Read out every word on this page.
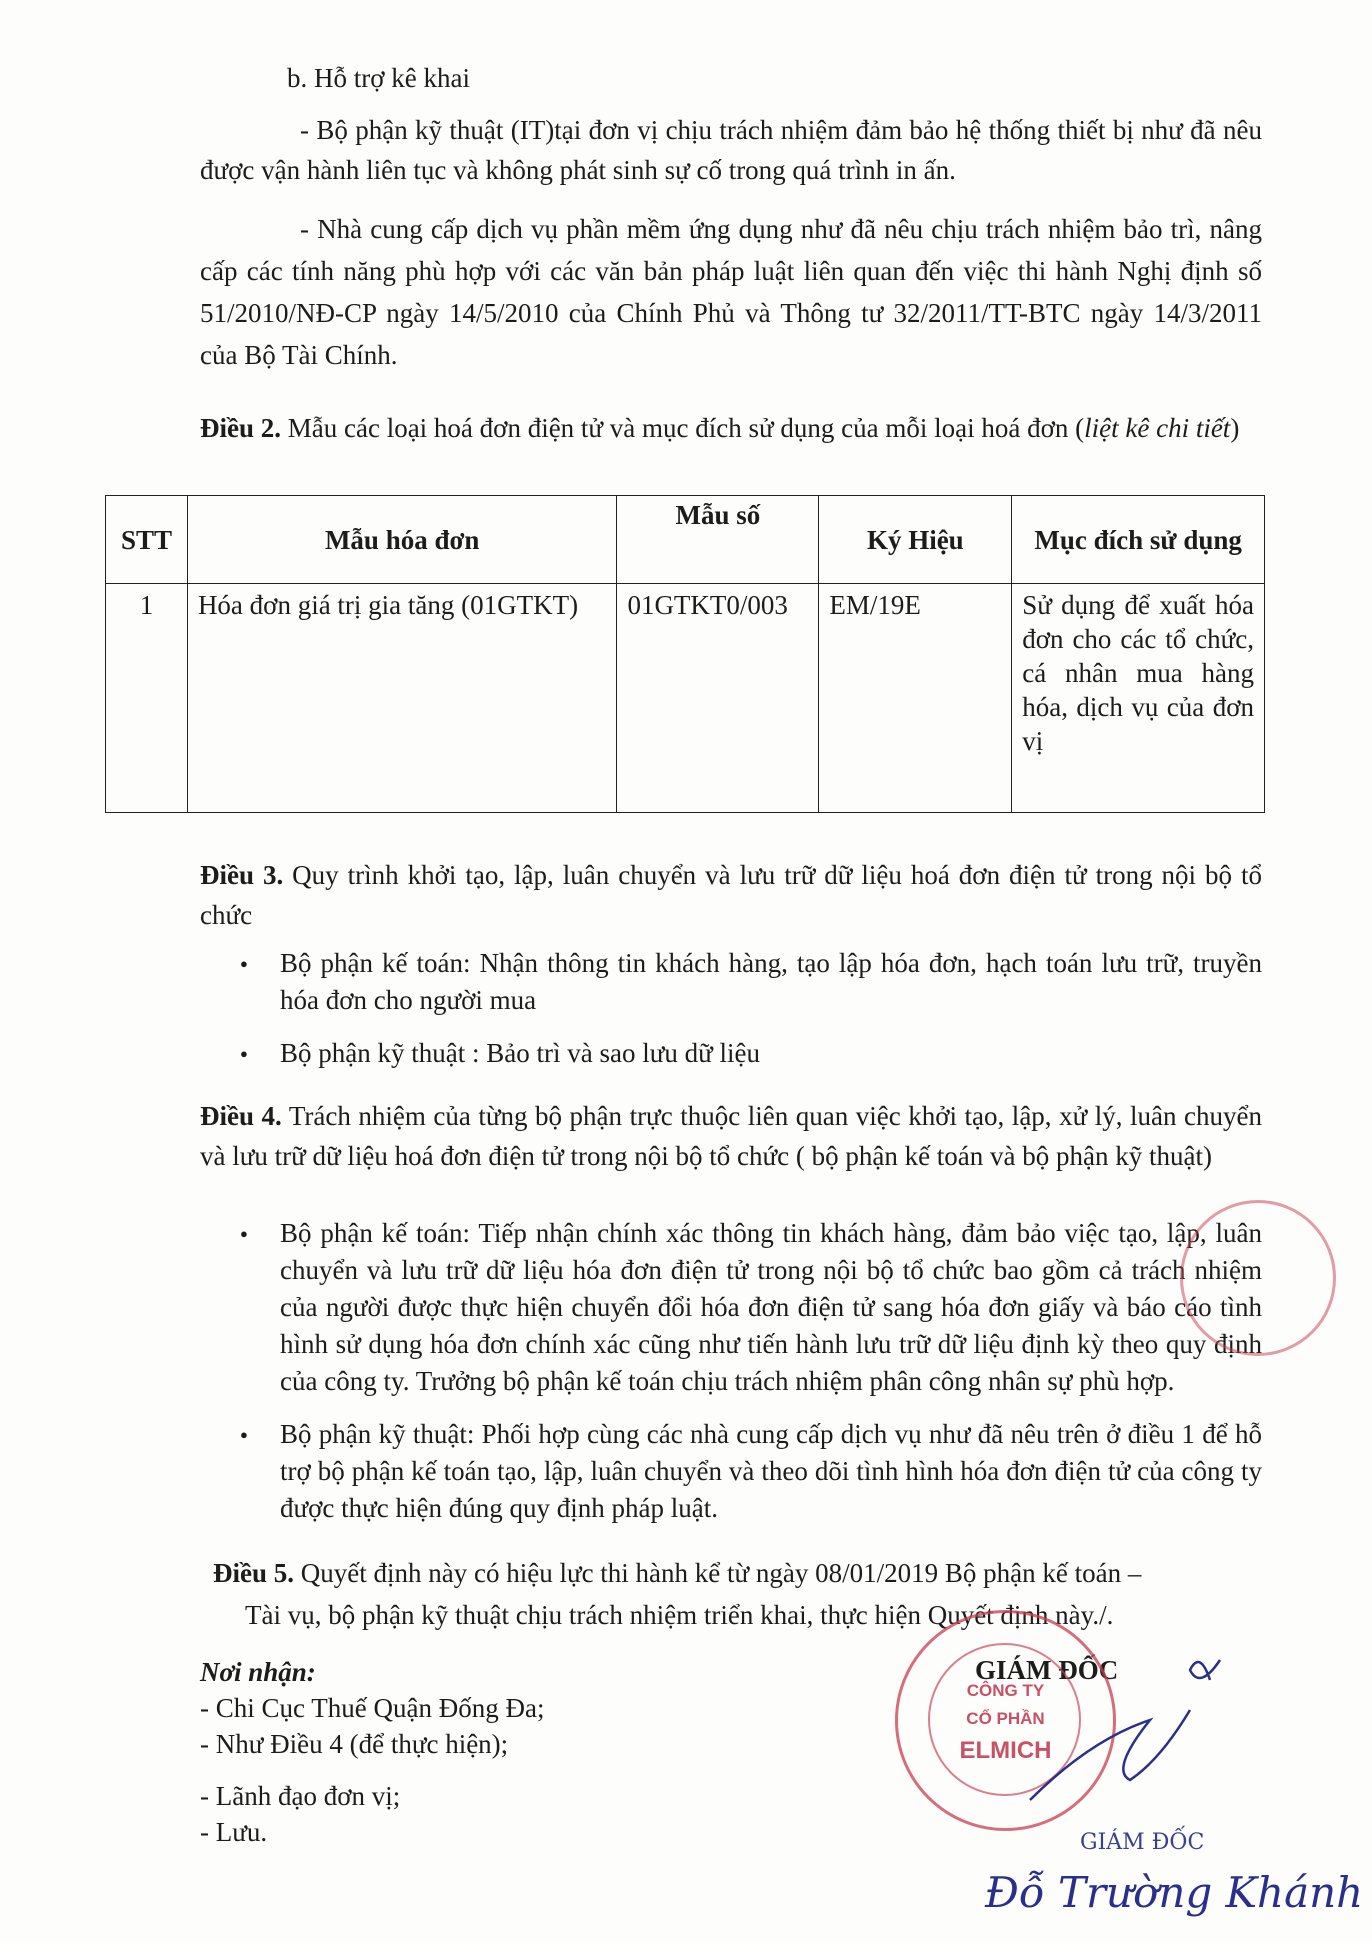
b. Hỗ trợ kê khai
- Bộ phận kỹ thuật (IT)tại đơn vị chịu trách nhiệm đảm bảo hệ thống thiết bị như đã nêu được vận hành liên tục và không phát sinh sự cố trong quá trình in ấn.
- Nhà cung cấp dịch vụ phần mềm ứng dụng như đã nêu chịu trách nhiệm bảo trì, nâng cấp các tính năng phù hợp với các văn bản pháp luật liên quan đến việc thi hành Nghị định số 51/2010/NĐ-CP ngày 14/5/2010 của Chính Phủ và Thông tư 32/2011/TT-BTC ngày 14/3/2011 của Bộ Tài Chính.
Điều 2. Mẫu các loại hoá đơn điện tử và mục đích sử dụng của mỗi loại hoá đơn (liệt kê chi tiết)
STT	Mẫu hóa đơn	Mẫu số	Ký Hiệu	Mục đích sử dụng
1	Hóa đơn giá trị gia tăng (01GTKT)	01GTKT0/003	EM/19E	Sử dụng để xuất hóa đơn cho các tổ chức, cá nhân mua hàng hóa, dịch vụ của đơn vị
Điều 3. Quy trình khởi tạo, lập, luân chuyển và lưu trữ dữ liệu hoá đơn điện tử trong nội bộ tổ chức
● Bộ phận kế toán: Nhận thông tin khách hàng, tạo lập hóa đơn, hạch toán lưu trữ, truyền hóa đơn cho người mua
● Bộ phận kỹ thuật : Bảo trì và sao lưu dữ liệu
Điều 4. Trách nhiệm của từng bộ phận trực thuộc liên quan việc khởi tạo, lập, xử lý, luân chuyển và lưu trữ dữ liệu hoá đơn điện tử trong nội bộ tổ chức ( bộ phận kế toán và bộ phận kỹ thuật)
● Bộ phận kế toán: Tiếp nhận chính xác thông tin khách hàng, đảm bảo việc tạo, lập, luân chuyển và lưu trữ dữ liệu hóa đơn điện tử trong nội bộ tổ chức bao gồm cả trách nhiệm của người được thực hiện chuyển đổi hóa đơn điện tử sang hóa đơn giấy và báo cáo tình hình sử dụng hóa đơn chính xác cũng như tiến hành lưu trữ dữ liệu định kỳ theo quy định của công ty. Trưởng bộ phận kế toán chịu trách nhiệm phân công nhân sự phù hợp.
● Bộ phận kỹ thuật: Phối hợp cùng các nhà cung cấp dịch vụ như đã nêu trên ở điều 1 để hỗ trợ bộ phận kế toán tạo, lập, luân chuyển và theo dõi tình hình hóa đơn điện tử của công ty được thực hiện đúng quy định pháp luật.
Điều 5. Quyết định này có hiệu lực thi hành kể từ ngày 08/01/2019 Bộ phận kế toán –
Tài vụ, bộ phận kỹ thuật chịu trách nhiệm triển khai, thực hiện Quyết định này./.
Nơi nhận:
- Chi Cục Thuế Quận Đống Đa;
- Như Điều 4 (để thực hiện);
- Lãnh đạo đơn vị;
- Lưu.
GIÁM ĐỐC
CÔNG TY
CỔ PHẦN
ELMICH
GIÁM ĐỐC
Đỗ Trường Khánh
